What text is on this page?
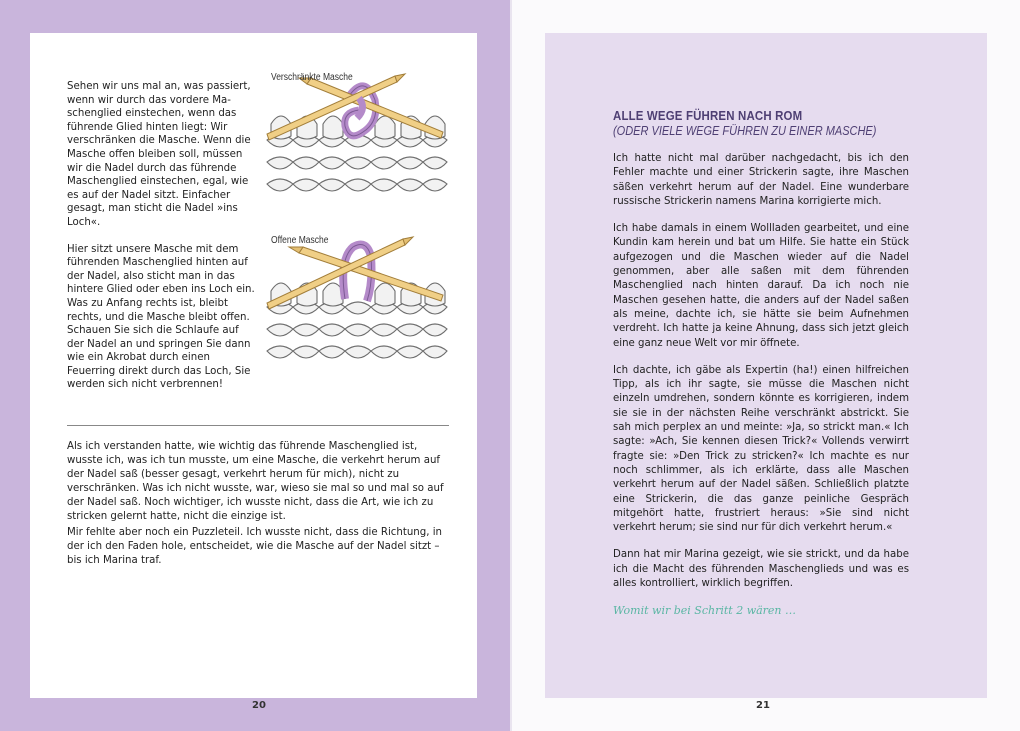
Sehen wir uns mal an, was passiert, wenn wir durch das vordere Maschenglied einstechen, wenn das führende Glied hinten liegt: Wir verschränken die Masche. Wenn die Masche offen bleiben soll, müssen wir die Nadel durch das führende Maschenglied einstechen, egal, wie es auf der Nadel sitzt. Einfacher gesagt, man sticht die Nadel »ins Loch«.

Hier sitzt unsere Masche mit dem führenden Maschenglied hinten auf der Nadel, also sticht man in das hintere Glied oder eben ins Loch ein. Was zu Anfang rechts ist, bleibt rechts, und die Masche bleibt offen. Schauen Sie sich die Schlaufe auf der Nadel an und springen Sie dann wie ein Akrobat durch einen Feuerring direkt durch das Loch, Sie werden sich nicht verbrennen!

Verschränkte Masche
Offene Masche

Als ich verstanden hatte, wie wichtig das führende Maschenglied ist, wusste ich, was ich tun musste, um eine Masche, die verkehrt herum auf der Nadel saß (besser gesagt, verkehrt herum für mich), nicht zu verschränken. Was ich nicht wusste, war, wieso sie mal so und mal so auf der Nadel saß. Noch wichtiger, ich wusste nicht, dass die Art, wie ich zu stricken gelernt hatte, nicht die einzige ist.

Mir fehlte aber noch ein Puzzleteil. Ich wusste nicht, dass die Richtung, in der ich den Faden hole, entscheidet, wie die Masche auf der Nadel sitzt – bis ich Marina traf.

20
ALLE WEGE FÜHREN NACH ROM
(ODER VIELE WEGE FÜHREN ZU EINER MASCHE)

Ich hatte nicht mal darüber nachgedacht, bis ich den Fehler machte und einer Strickerin sagte, ihre Maschen säßen verkehrt herum auf der Nadel. Eine wunderbare russische Strickerin namens Marina korrigierte mich.

Ich habe damals in einem Wollladen gearbeitet, und eine Kundin kam herein und bat um Hilfe. Sie hatte ein Stück aufgezogen und die Maschen wieder auf die Nadel genommen, aber alle saßen mit dem führenden Maschenglied nach hinten darauf. Da ich noch nie Maschen gesehen hatte, die anders auf der Nadel saßen als meine, dachte ich, sie hätte sie beim Aufnehmen verdreht. Ich hatte ja keine Ahnung, dass sich jetzt gleich eine ganz neue Welt vor mir öffnete.

Ich dachte, ich gäbe als Expertin (ha!) einen hilfreichen Tipp, als ich ihr sagte, sie müsse die Maschen nicht einzeln umdrehen, sondern könnte es korrigieren, indem sie sie in der nächsten Reihe verschränkt abstrickt. Sie sah mich perplex an und meinte: »Ja, so strickt man.« Ich sagte: »Ach, Sie kennen diesen Trick?« Vollends verwirrt fragte sie: »Den Trick zu stricken?« Ich machte es nur noch schlimmer, als ich erklärte, dass alle Maschen verkehrt herum auf der Nadel säßen. Schließlich platzte eine Strickerin, die das ganze peinliche Gespräch mitgehört hatte, frustriert heraus: »Sie sind nicht verkehrt herum; sie sind nur für dich verkehrt herum.«

Dann hat mir Marina gezeigt, wie sie strickt, und da habe ich die Macht des führenden Maschenglieds und was es alles kontrolliert, wirklich begriffen.

Womit wir bei Schritt 2 wären …
21
